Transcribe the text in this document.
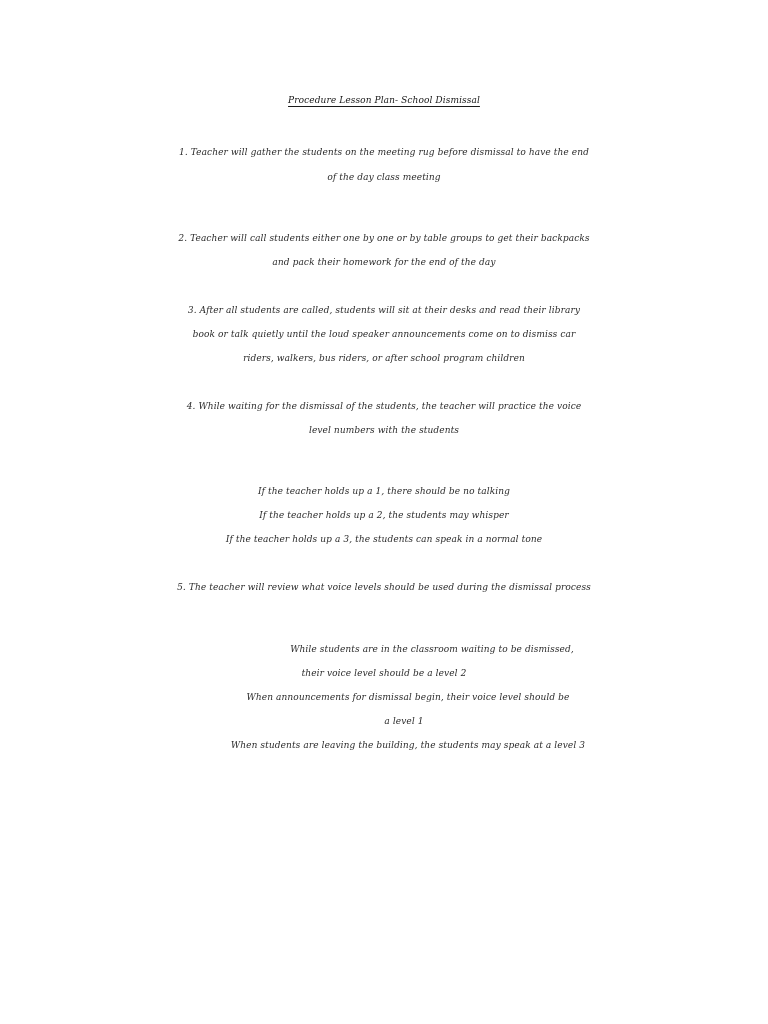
Procedure Lesson Plan- School Dismissal
1. Teacher will gather the students on the meeting rug before dismissal to have the end
of the day class meeting
2. Teacher will call students either one by one or by table groups to get their backpacks
and pack their homework for the end of the day
3. After all students are called, students will sit at their desks and read their library
book or talk quietly until the loud speaker announcements come on to dismiss car
riders, walkers, bus riders, or after school program children
4. While waiting for the dismissal of the students, the teacher will practice the voice
level numbers with the students
If the teacher holds up a 1, there should be no talking
If the teacher holds up a 2, the students may whisper
If the teacher holds up a 3, the students can speak in a normal tone
5. The teacher will review what voice levels should be used during the dismissal process
While students are in the classroom waiting to be dismissed,
their voice level should be a level 2
When announcements for dismissal begin, their voice level should be
a level 1
When students are leaving the building, the students may speak at a level 3
